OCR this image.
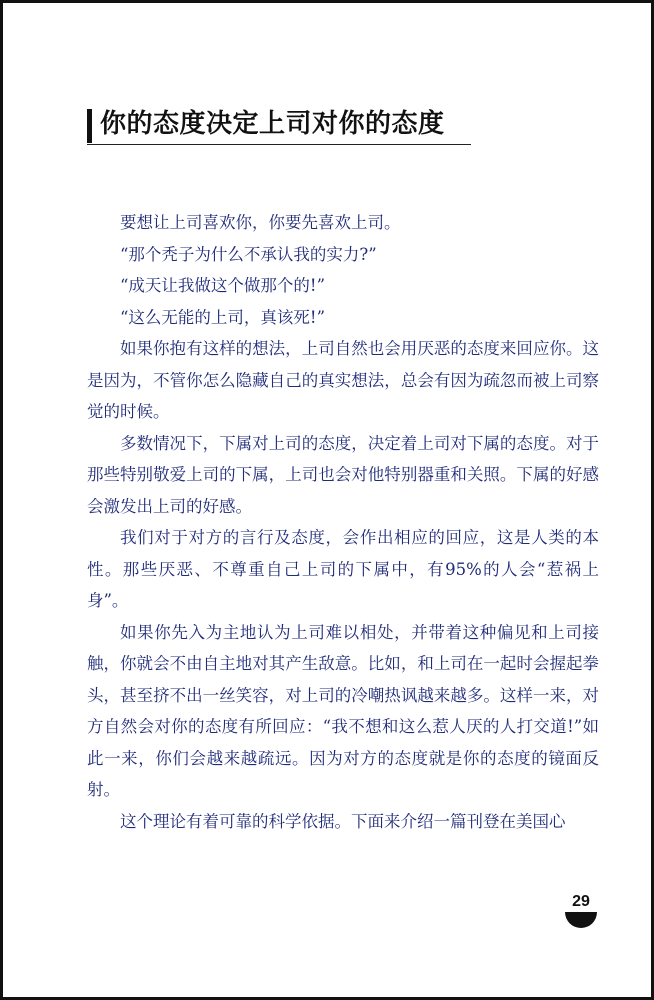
你的态度决定上司对你的态度

要想让上司喜欢你，你要先喜欢上司。

“那个秃子为什么不承认我的实力?”

“成天让我做这个做那个的!”

“这么无能的上司，真该死!”

如果你抱有这样的想法，上司自然也会用厌恶的态度来回应你。这是因为，不管你怎么隐藏自己的真实想法，总会有因为疏忽而被上司察觉的时候。

多数情况下，下属对上司的态度，决定着上司对下属的态度。对于那些特别敬爱上司的下属，上司也会对他特别器重和关照。下属的好感会激发出上司的好感。

我们对于对方的言行及态度，会作出相应的回应，这是人类的本性。那些厌恶、不尊重自己上司的下属中，有95%的人会“惹祸上身”。

如果你先入为主地认为上司难以相处，并带着这种偏见和上司接触，你就会不由自主地对其产生敌意。比如，和上司在一起时会握起拳头，甚至挤不出一丝笑容，对上司的冷嘲热讽越来越多。这样一来，对方自然会对你的态度有所回应：“我不想和这么惹人厌的人打交道!”如此一来，你们会越来越疏远。因为对方的态度就是你的态度的镜面反射。

这个理论有着可靠的科学依据。下面来介绍一篇刊登在美国心

29
